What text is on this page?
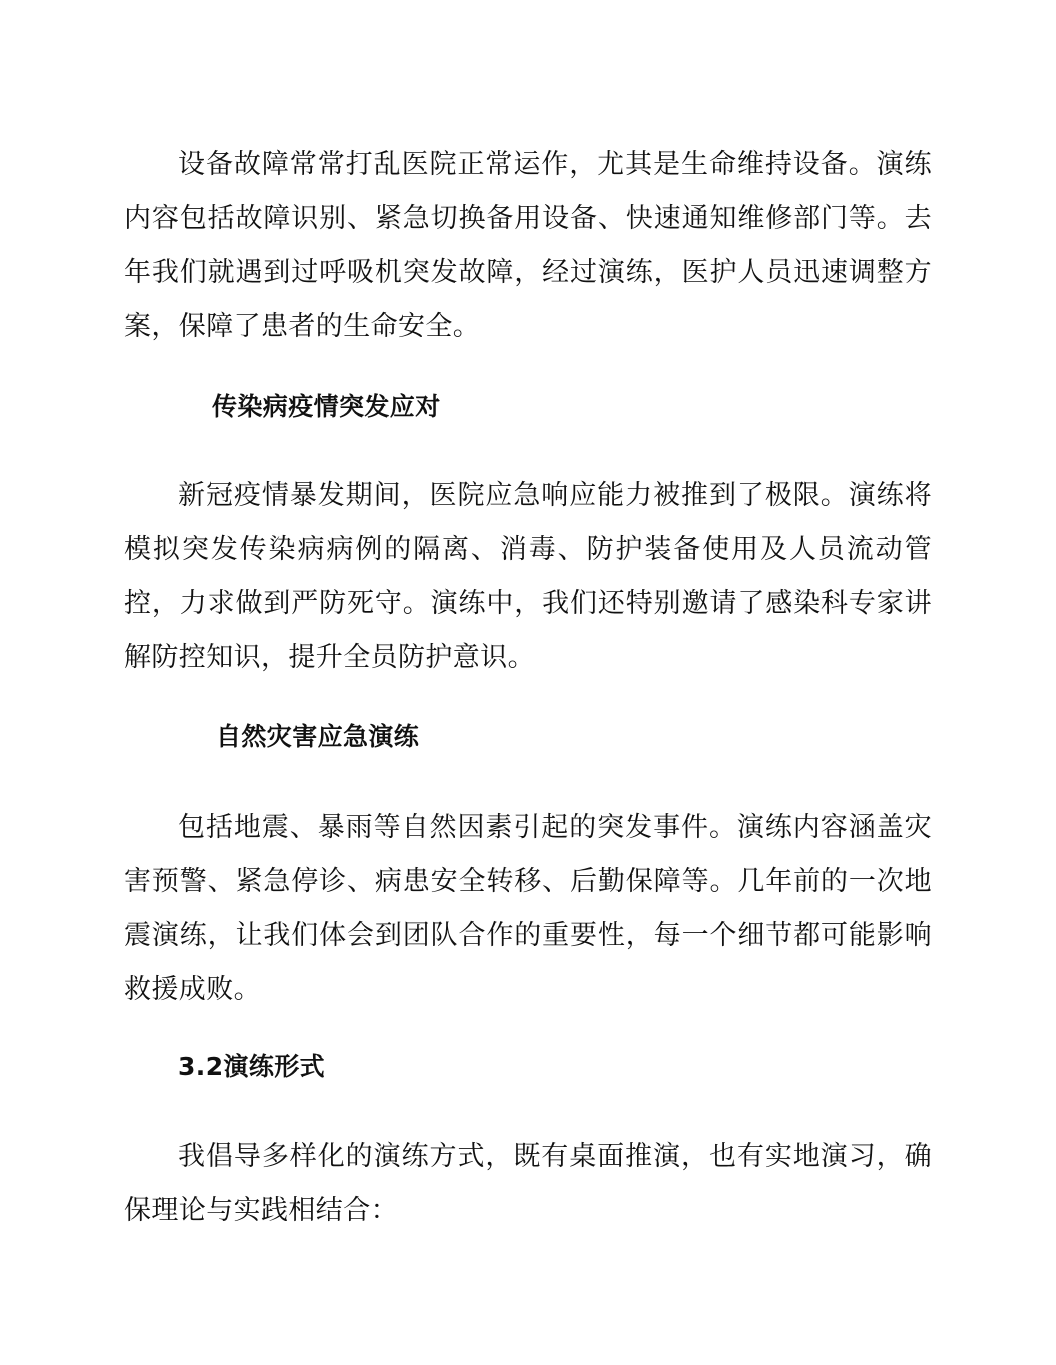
设备故障常常打乱医院正常运作，尤其是生命维持设备。演练内容包括故障识别、紧急切换备用设备、快速通知维修部门等。去年我们就遇到过呼吸机突发故障，经过演练，医护人员迅速调整方案，保障了患者的生命安全。

传染病疫情突发应对

新冠疫情暴发期间，医院应急响应能力被推到了极限。演练将模拟突发传染病病例的隔离、消毒、防护装备使用及人员流动管控，力求做到严防死守。演练中，我们还特别邀请了感染科专家讲解防控知识，提升全员防护意识。

自然灾害应急演练

包括地震、暴雨等自然因素引起的突发事件。演练内容涵盖灾害预警、紧急停诊、病患安全转移、后勤保障等。几年前的一次地震演练，让我们体会到团队合作的重要性，每一个细节都可能影响救援成败。

3.2演练形式

我倡导多样化的演练方式，既有桌面推演，也有实地演习，确保理论与实践相结合：
